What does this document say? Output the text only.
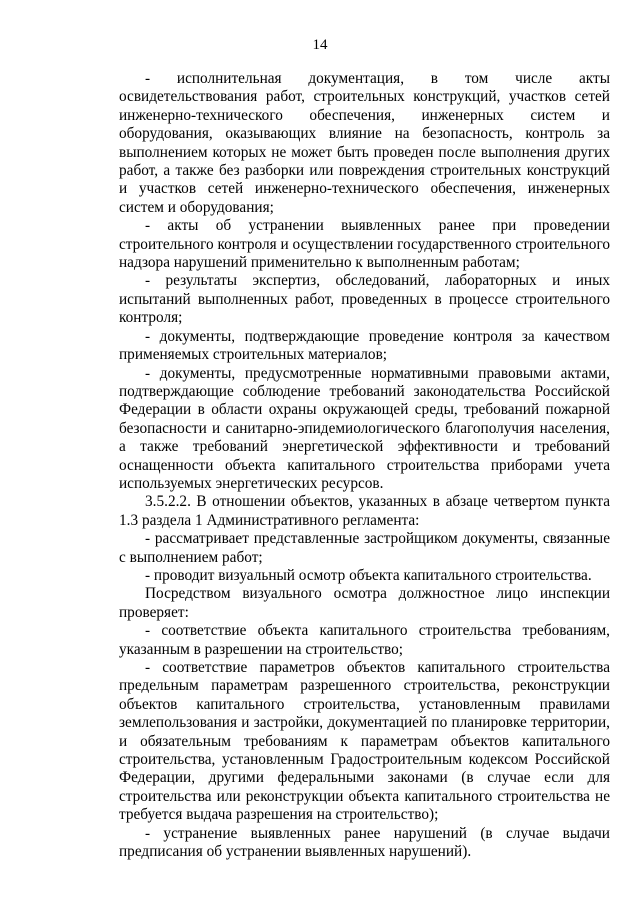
14

- исполнительная документация, в том числе акты освидетельствования работ, строительных конструкций, участков сетей инженерно-технического обеспечения, инженерных систем и оборудования, оказывающих влияние на безопасность, контроль за выполнением которых не может быть проведен после выполнения других работ, а также без разборки или повреждения строительных конструкций и участков сетей инженерно-технического обеспечения, инженерных систем и оборудования;

- акты об устранении выявленных ранее при проведении строительного контроля и осуществлении государственного строительного надзора нарушений применительно к выполненным работам;

- результаты экспертиз, обследований, лабораторных и иных испытаний выполненных работ, проведенных в процессе строительного контроля;

- документы, подтверждающие проведение контроля за качеством применяемых строительных материалов;

- документы, предусмотренные нормативными правовыми актами, подтверждающие соблюдение требований законодательства Российской Федерации в области охраны окружающей среды, требований пожарной безопасности и санитарно-эпидемиологического благополучия населения, а также требований энергетической эффективности и требований оснащенности объекта капитального строительства приборами учета используемых энергетических ресурсов.

3.5.2.2. В отношении объектов, указанных в абзаце четвертом пункта 1.3 раздела 1 Административного регламента:

- рассматривает представленные застройщиком документы, связанные с выполнением работ;

- проводит визуальный осмотр объекта капитального строительства.

Посредством визуального осмотра должностное лицо инспекции проверяет:

- соответствие объекта капитального строительства требованиям, указанным в разрешении на строительство;

- соответствие параметров объектов капитального строительства предельным параметрам разрешенного строительства, реконструкции объектов капитального строительства, установленным правилами землепользования и застройки, документацией по планировке территории, и обязательным требованиям к параметрам объектов капитального строительства, установленным Градостроительным кодексом Российской Федерации, другими федеральными законами (в случае если для строительства или реконструкции объекта капитального строительства не требуется выдача разрешения на строительство);

- устранение выявленных ранее нарушений (в случае выдачи предписания об устранении выявленных нарушений).
